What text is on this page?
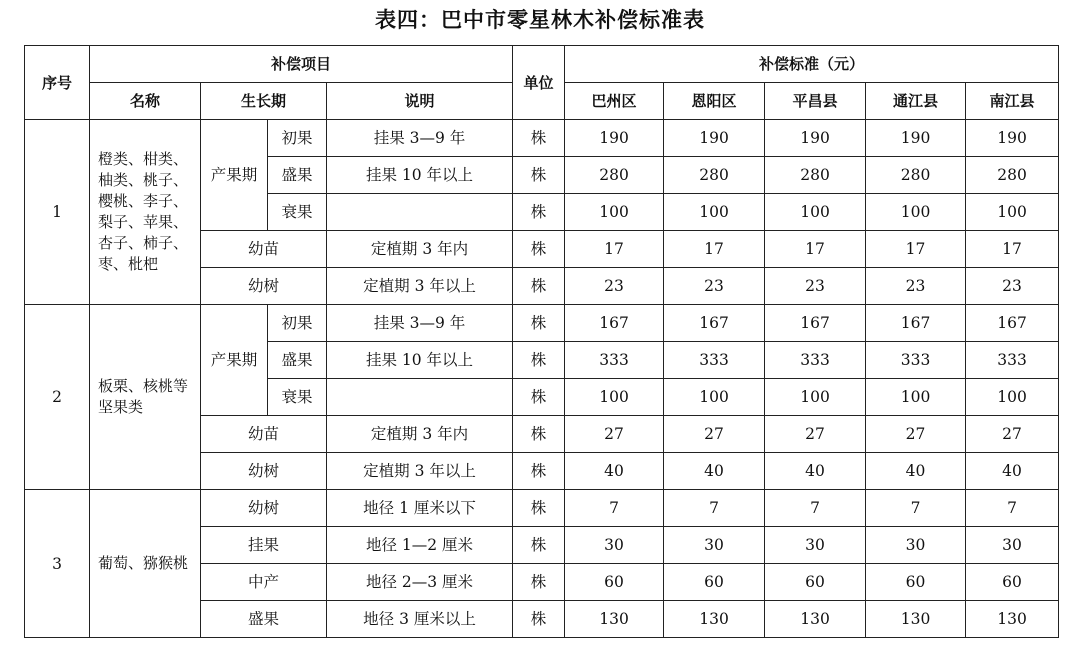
表四：巴中市零星林木补偿标准表
序号	补偿项目				单位	补偿标准（元）				
	名称	生长期		说明		巴州区	恩阳区	平昌县	通江县	南江县
1	橙类、柑类、柚类、桃子、樱桃、李子、梨子、苹果、杏子、柿子、枣、枇杷	产果期	初果	挂果 3—9 年	株	190	190	190	190	190
			盛果	挂果 10 年以上	株	280	280	280	280	280
			衰果		株	100	100	100	100	100
		幼苗		定植期 3 年内	株	17	17	17	17	17
		幼树		定植期 3 年以上	株	23	23	23	23	23
2	板栗、核桃等坚果类	产果期	初果	挂果 3—9 年	株	167	167	167	167	167
			盛果	挂果 10 年以上	株	333	333	333	333	333
			衰果		株	100	100	100	100	100
		幼苗		定植期 3 年内	株	27	27	27	27	27
		幼树		定植期 3 年以上	株	40	40	40	40	40
3	葡萄、猕猴桃	幼树		地径 1 厘米以下	株	7	7	7	7	7
		挂果		地径 1—2 厘米	株	30	30	30	30	30
		中产		地径 2—3 厘米	株	60	60	60	60	60
		盛果		地径 3 厘米以上	株	130	130	130	130	130
